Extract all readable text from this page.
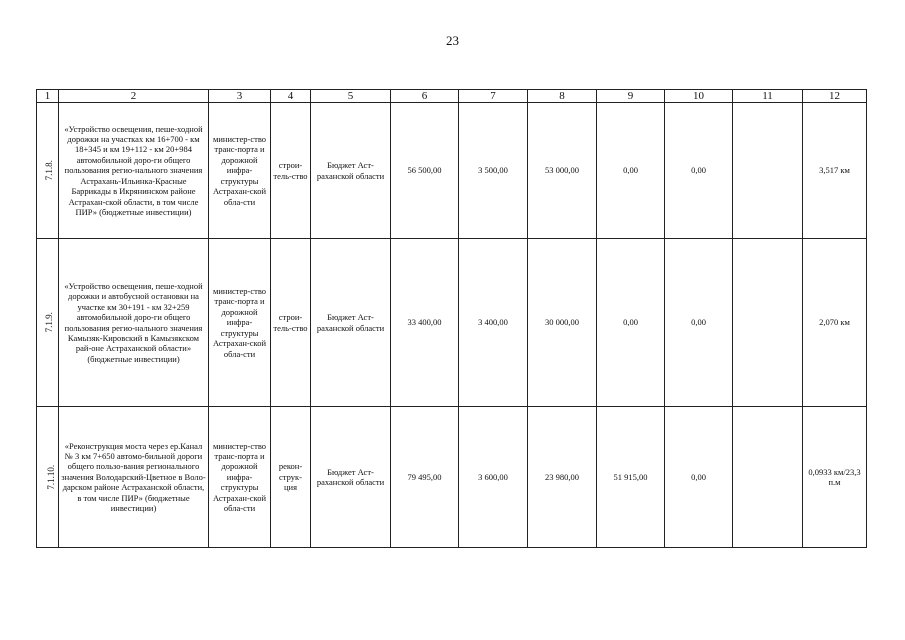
23
1	2	3	4	5	6	7	8	9	10	11	12
7.1.8.	«Устройство освещения, пеше-ходной дорожки на участках км 16+700 - км 18+345 и км 19+112 - км 20+984 автомобильной доро-ги общего пользования регио-нального значения Астрахань-Ильинка-Красные Баррикады в Икрянинском районе Астрахан-ской области, в том числе ПИР» (бюджетные инвестиции)	министер-ство транс-порта и дорожной инфра-структуры Астрахан-ской обла-сти	строи-тель-ство	Бюджет Аст-раханской области	56 500,00	3 500,00	53 000,00	0,00	0,00		3,517 км
7.1.9.	«Устройство освещения, пеше-ходной дорожки и автобусной остановки на участке км 30+191 - км 32+259 автомобильной доро-ги общего пользования регио-нального значения Камызяк-Кировский в Камызякском рай-оне Астраханской области» (бюджетные инвестиции)	министер-ство транс-порта и дорожной инфра-структуры Астрахан-ской обла-сти	строи-тель-ство	Бюджет Аст-раханской области	33 400,00	3 400,00	30 000,00	0,00	0,00		2,070 км
7.1.10.	«Реконструкция моста через ер.Канал № 3 км 7+650 автомо-бильной дороги общего пользо-вания регионального значения Володарский-Цветное в Воло-дарском районе Астраханской области, в том числе ПИР» (бюджетные инвестиции)	министер-ство транс-порта и дорожной инфра-структуры Астрахан-ской обла-сти	рекон-струк-ция	Бюджет Аст-раханской области	79 495,00	3 600,00	23 980,00	51 915,00	0,00		0,0933 км/23,3 п.м
